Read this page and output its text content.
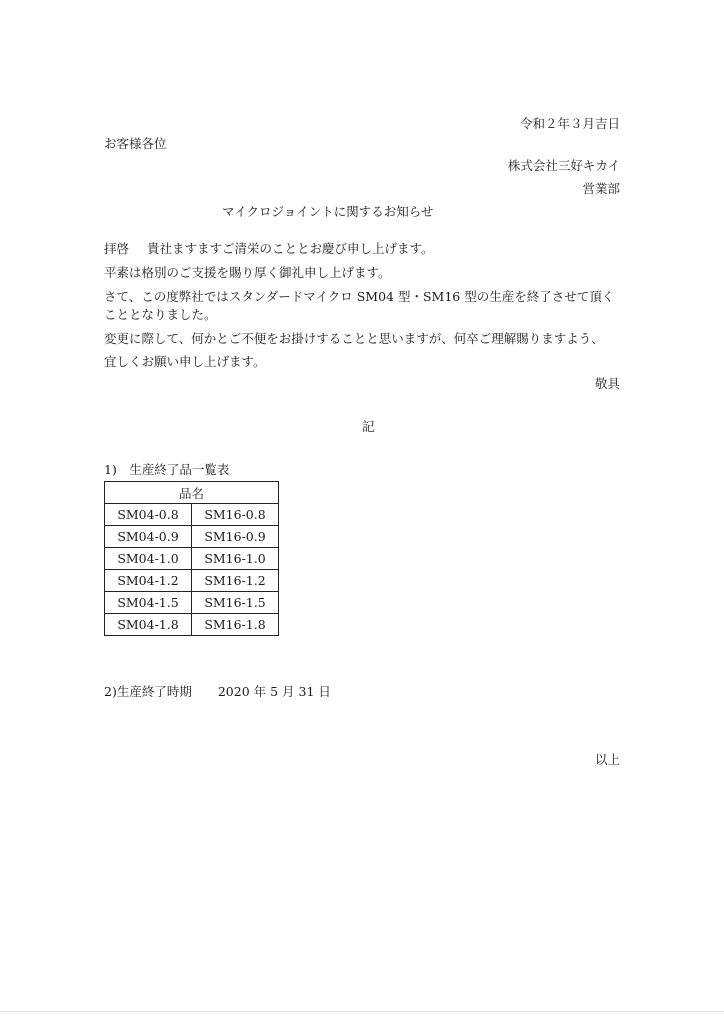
令和２年３月吉日
お客様各位
株式会社三好キカイ
営業部
マイクロジョイントに関するお知らせ
拝啓 貴社ますますご清栄のこととお慶び申し上げます。
平素は格別のご支援を賜り厚く御礼申し上げます。
さて、この度弊社ではスタンダードマイクロ SM04 型・SM16 型の生産を終了させて頂く
こととなりました。
変更に際して、何かとご不便をお掛けすることと思いますが、何卒ご理解賜りますよう、
宜しくお願い申し上げます。
敬具
記
1)　生産終了品一覧表
品名	
SM04-0.8	SM16-0.8
SM04-0.9	SM16-0.9
SM04-1.0	SM16-1.0
SM04-1.2	SM16-1.2
SM04-1.5	SM16-1.5
SM04-1.8	SM16-1.8
2)生産終了時期 2020 年 5 月 31 日
以上
